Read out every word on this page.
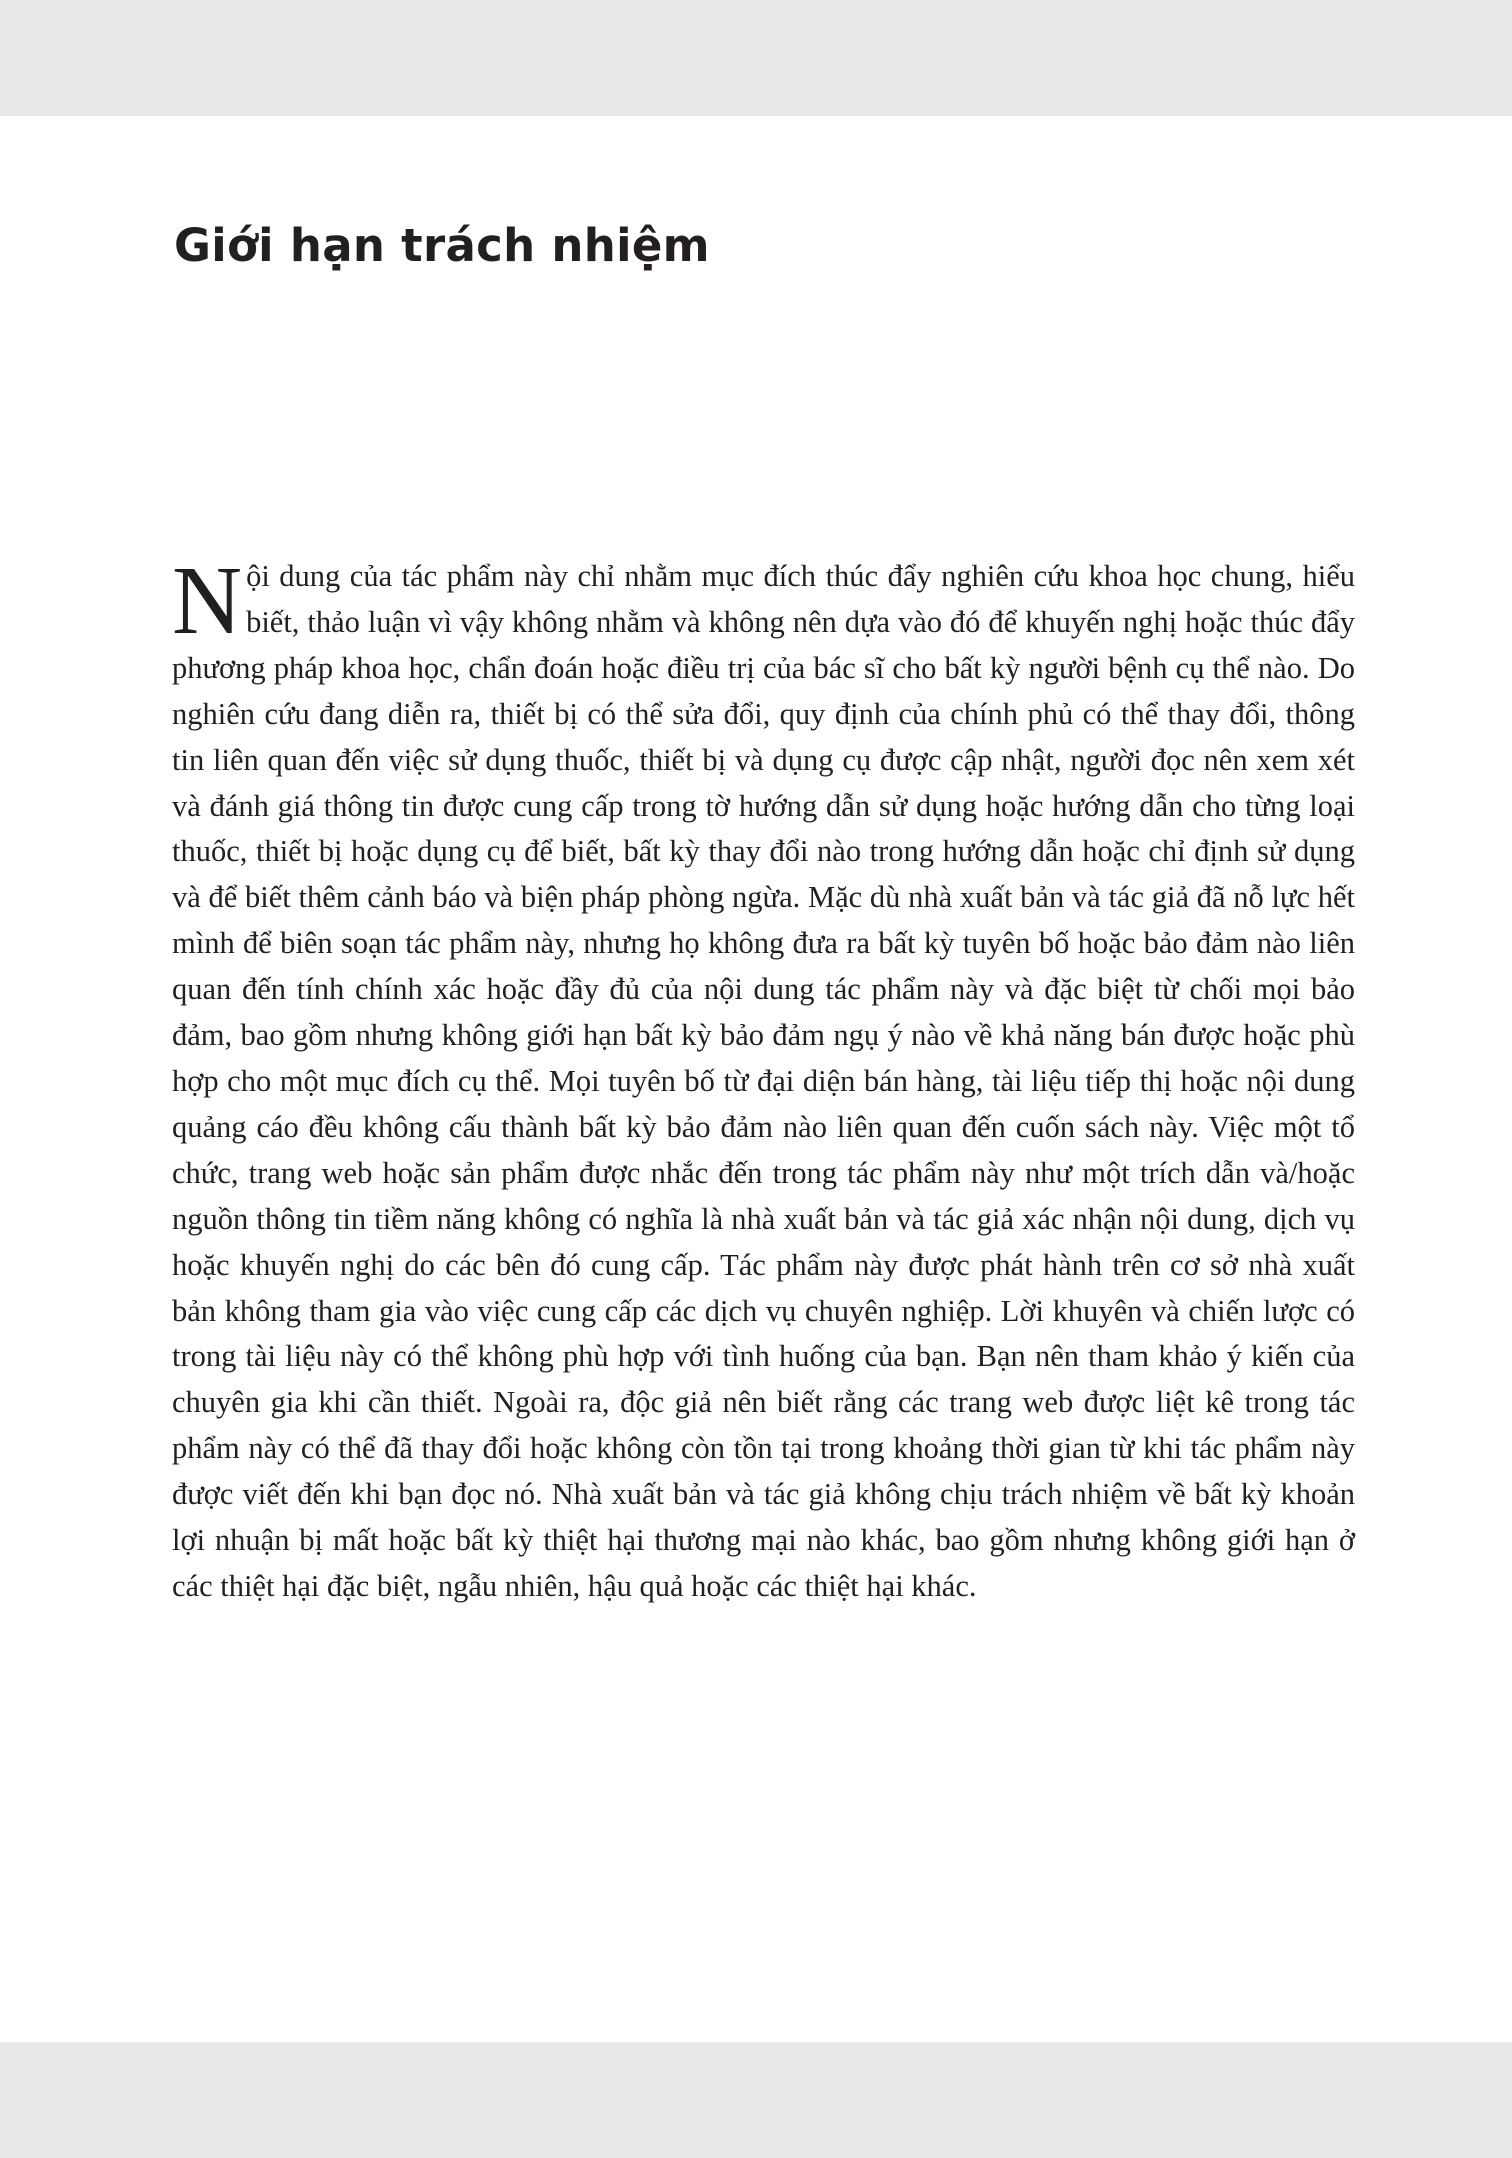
Giới hạn trách nhiệm

Nội dung của tác phẩm này chỉ nhằm mục đích thúc đẩy nghiên cứu khoa học chung, hiểu biết, thảo luận vì vậy không nhằm và không nên dựa vào đó để khuyến nghị hoặc thúc đẩy phương pháp khoa học, chẩn đoán hoặc điều trị của bác sĩ cho bất kỳ người bệnh cụ thể nào. Do nghiên cứu đang diễn ra, thiết bị có thể sửa đổi, quy định của chính phủ có thể thay đổi, thông tin liên quan đến việc sử dụng thuốc, thiết bị và dụng cụ được cập nhật, người đọc nên xem xét và đánh giá thông tin được cung cấp trong tờ hướng dẫn sử dụng hoặc hướng dẫn cho từng loại thuốc, thiết bị hoặc dụng cụ để biết, bất kỳ thay đổi nào trong hướng dẫn hoặc chỉ định sử dụng và để biết thêm cảnh báo và biện pháp phòng ngừa. Mặc dù nhà xuất bản và tác giả đã nỗ lực hết mình để biên soạn tác phẩm này, nhưng họ không đưa ra bất kỳ tuyên bố hoặc bảo đảm nào liên quan đến tính chính xác hoặc đầy đủ của nội dung tác phẩm này và đặc biệt từ chối mọi bảo đảm, bao gồm nhưng không giới hạn bất kỳ bảo đảm ngụ ý nào về khả năng bán được hoặc phù hợp cho một mục đích cụ thể. Mọi tuyên bố từ đại diện bán hàng, tài liệu tiếp thị hoặc nội dung quảng cáo đều không cấu thành bất kỳ bảo đảm nào liên quan đến cuốn sách này. Việc một tổ chức, trang web hoặc sản phẩm được nhắc đến trong tác phẩm này như một trích dẫn và/hoặc nguồn thông tin tiềm năng không có nghĩa là nhà xuất bản và tác giả xác nhận nội dung, dịch vụ hoặc khuyến nghị do các bên đó cung cấp. Tác phẩm này được phát hành trên cơ sở nhà xuất bản không tham gia vào việc cung cấp các dịch vụ chuyên nghiệp. Lời khuyên và chiến lược có trong tài liệu này có thể không phù hợp với tình huống của bạn. Bạn nên tham khảo ý kiến của chuyên gia khi cần thiết. Ngoài ra, độc giả nên biết rằng các trang web được liệt kê trong tác phẩm này có thể đã thay đổi hoặc không còn tồn tại trong khoảng thời gian từ khi tác phẩm này được viết đến khi bạn đọc nó. Nhà xuất bản và tác giả không chịu trách nhiệm về bất kỳ khoản lợi nhuận bị mất hoặc bất kỳ thiệt hại thương mại nào khác, bao gồm nhưng không giới hạn ở các thiệt hại đặc biệt, ngẫu nhiên, hậu quả hoặc các thiệt hại khác.
